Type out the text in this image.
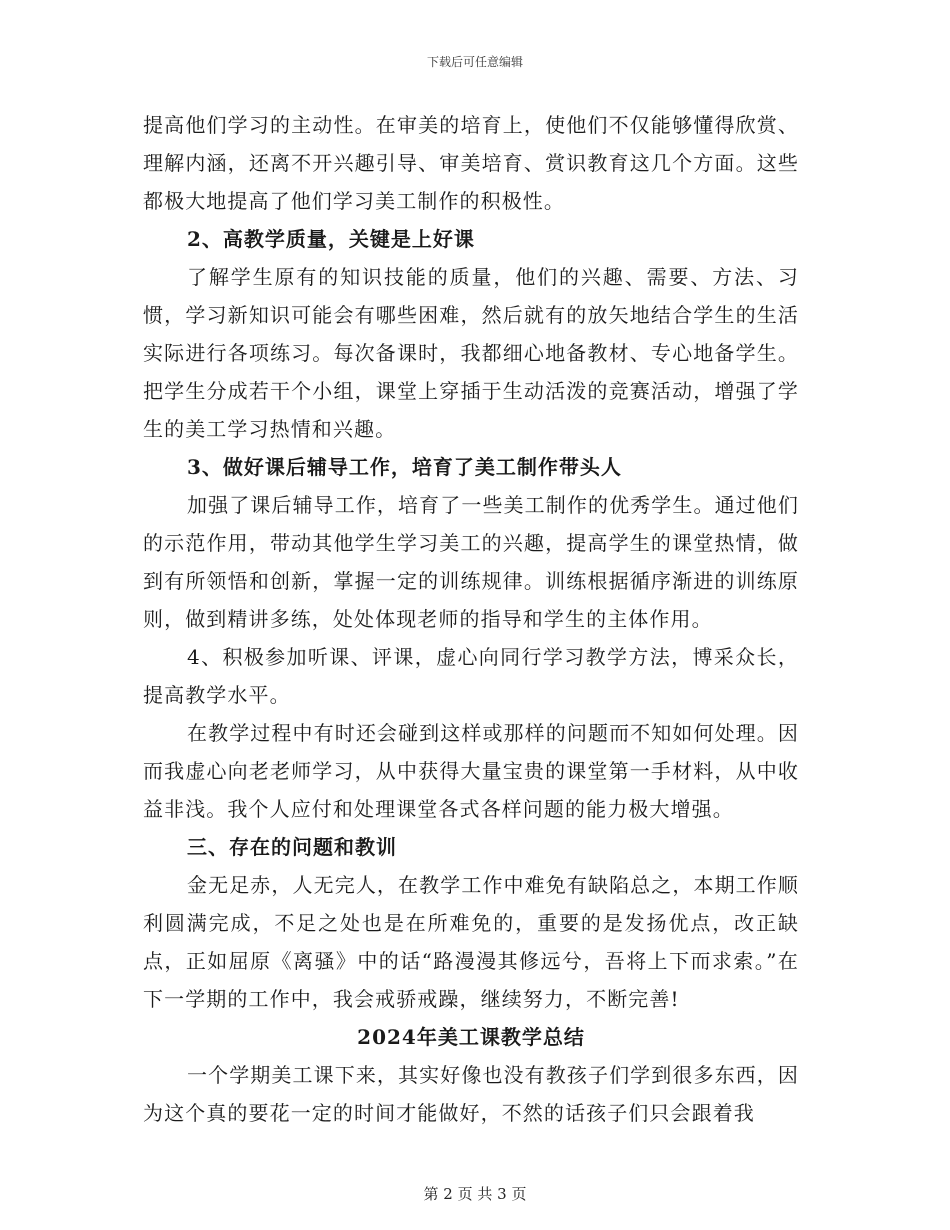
下载后可任意编辑

提高他们学习的主动性。在审美的培育上，使他们不仅能够懂得欣赏、理解内涵，还离不开兴趣引导、审美培育、赏识教育这几个方面。这些都极大地提高了他们学习美工制作的积极性。

2、高教学质量，关键是上好课

了解学生原有的知识技能的质量，他们的兴趣、需要、方法、习惯，学习新知识可能会有哪些困难，然后就有的放矢地结合学生的生活实际进行各项练习。每次备课时，我都细心地备教材、专心地备学生。把学生分成若干个小组，课堂上穿插于生动活泼的竞赛活动，增强了学生的美工学习热情和兴趣。

3、做好课后辅导工作，培育了美工制作带头人

加强了课后辅导工作，培育了一些美工制作的优秀学生。通过他们的示范作用，带动其他学生学习美工的兴趣，提高学生的课堂热情，做到有所领悟和创新，掌握一定的训练规律。训练根据循序渐进的训练原则，做到精讲多练，处处体现老师的指导和学生的主体作用。

4、积极参加听课、评课，虚心向同行学习教学方法，博采众长，提高教学水平。

在教学过程中有时还会碰到这样或那样的问题而不知如何处理。因而我虚心向老老师学习，从中获得大量宝贵的课堂第一手材料，从中收益非浅。我个人应付和处理课堂各式各样问题的能力极大增强。

三、存在的问题和教训

金无足赤，人无完人，在教学工作中难免有缺陷总之，本期工作顺利圆满完成，不足之处也是在所难免的，重要的是发扬优点，改正缺点，正如屈原《离骚》中的话“路漫漫其修远兮，吾将上下而求索。”在下一学期的工作中，我会戒骄戒躁，继续努力，不断完善!

2024年美工课教学总结

一个学期美工课下来，其实好像也没有教孩子们学到很多东西，因为这个真的要花一定的时间才能做好，不然的话孩子们只会跟着我

第 2 页 共 3 页
